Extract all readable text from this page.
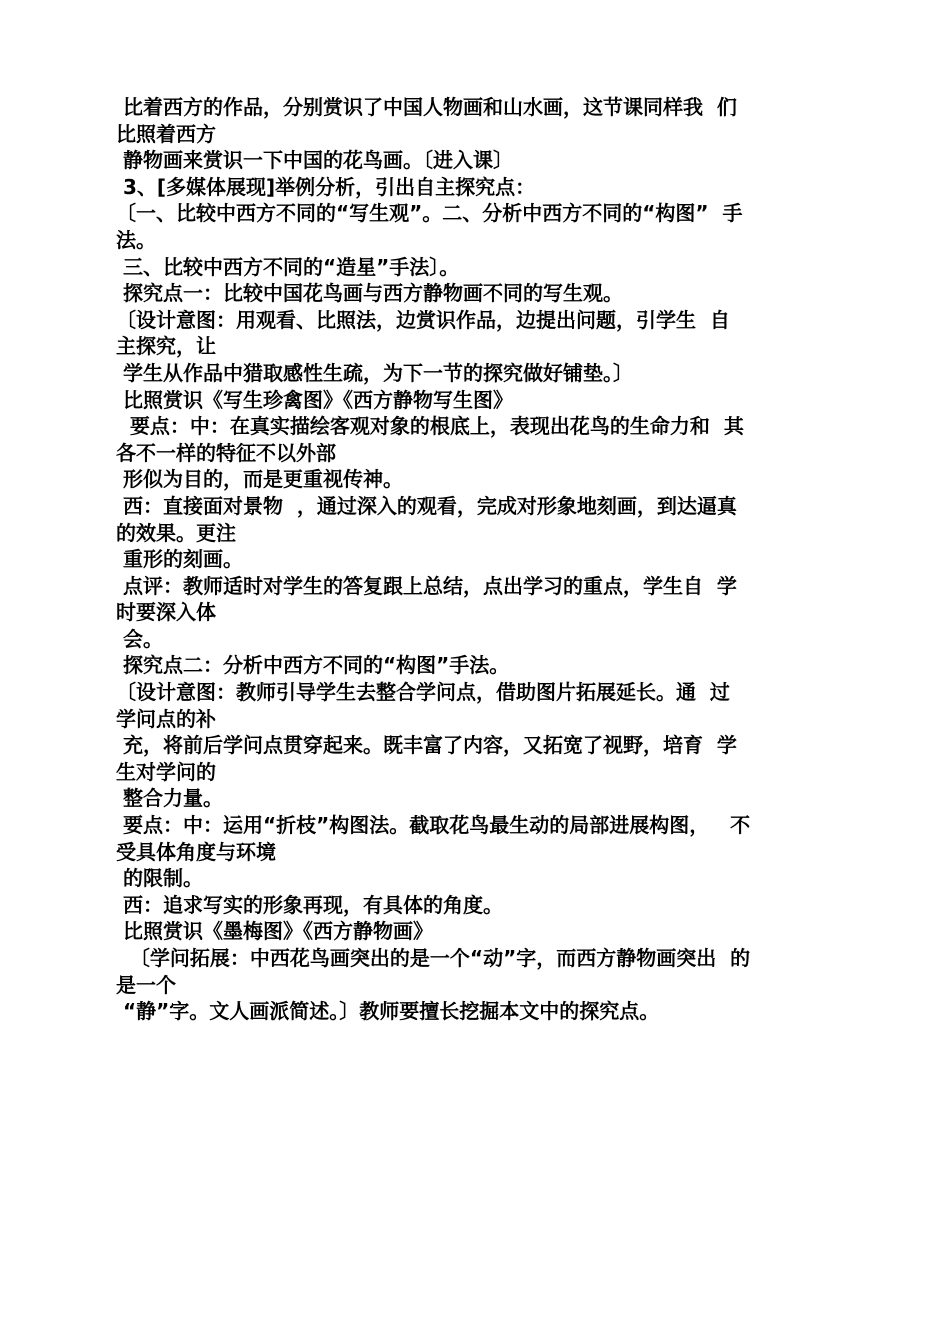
比着西方的作品，分别赏识了中国人物画和山水画，这节课同样我  们
比照着西方
静物画来赏识一下中国的花鸟画。〔进入课〕
3、[多媒体展现]举例分析，引出自主探究点：
〔一、比较中西方不同的“写生观”。二、分析中西方不同的“构图”  手
法。
三、比较中西方不同的“造星”手法〕。
探究点一：比较中国花鸟画与西方静物画不同的写生观。
〔设计意图：用观看、比照法，边赏识作品，边提出问题，引学生  自
主探究，让
学生从作品中猎取感性生疏，为下一节的探究做好铺垫。〕
比照赏识《写生珍禽图》《西方静物写生图》
要点：中：在真实描绘客观对象的根底上，表现出花鸟的生命力和  其
各不一样的特征不以外部
形似为目的，而是更重视传神。
西：直接面对景物  ，通过深入的观看，完成对形象地刻画，到达逼真
的效果。更注
重形的刻画。
点评：教师适时对学生的答复跟上总结，点出学习的重点，学生自  学
时要深入体
会。
探究点二：分析中西方不同的“构图”手法。
〔设计意图：教师引导学生去整合学问点，借助图片拓展延长。通  过
学问点的补
充，将前后学问点贯穿起来。既丰富了内容，又拓宽了视野，培育  学
生对学问的
整合力量。
要点：中：运用“折枝”构图法。截取花鸟最生动的局部进展构图，   不
受具体角度与环境
的限制。
西：追求写实的形象再现，有具体的角度。
比照赏识《墨梅图》《西方静物画》
〔学问拓展：中西花鸟画突出的是一个“动”字，而西方静物画突出  的
是一个
“静”字。文人画派简述。〕教师要擅长挖掘本文中的探究点。
